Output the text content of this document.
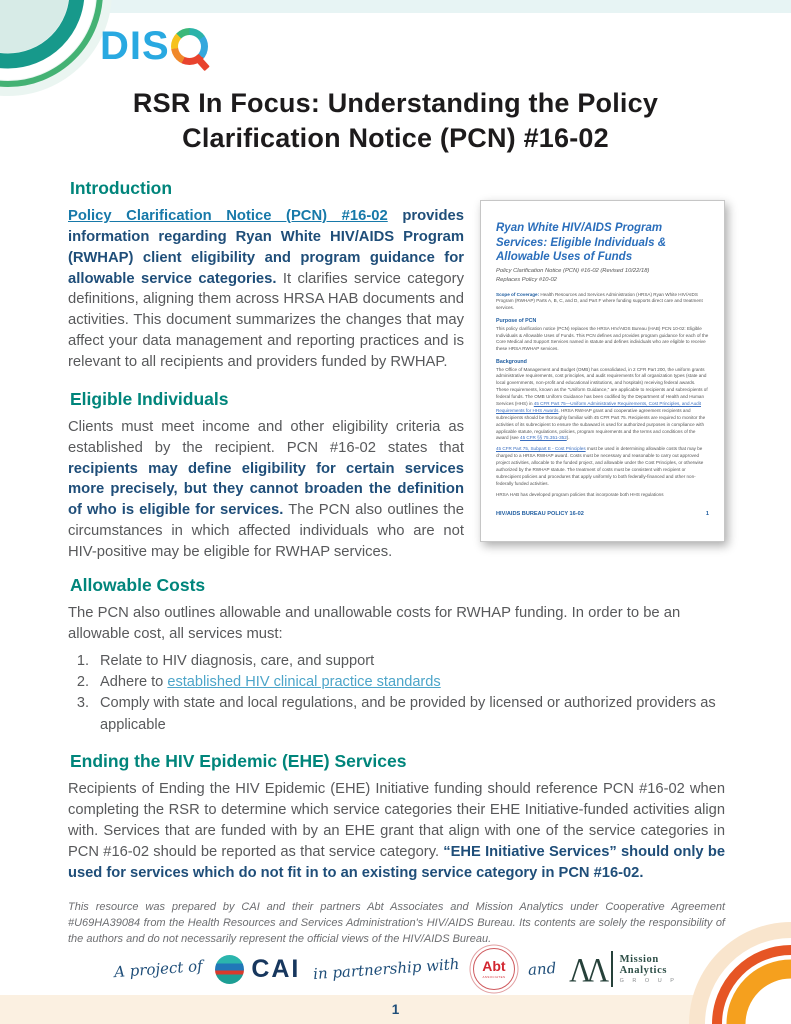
DIS
RSR In Focus: Understanding the Policy
Clarification Notice (PCN) #16-02
Introduction

Policy Clarification Notice (PCN) #16-02 provides information regarding Ryan White HIV/AIDS Program (RWHAP) client eligibility and program guidance for allowable service categories. It clarifies service category definitions, aligning them across HRSA HAB documents and activities. This document summarizes the changes that may affect your data management and reporting practices and is relevant to all recipients and providers funded by RWHAP.

Eligible Individuals

Clients must meet income and other eligibility criteria as established by the recipient. PCN #16-02 states that recipients may define eligibility for certain services more precisely, but they cannot broaden the definition of who is eligible for services. The PCN also outlines the circumstances in which affected individuals who are not HIV-positive may be eligible for RWHAP services.

Ryan White HIV/AIDS Program Services: Eligible Individuals & Allowable Uses of Funds

Policy Clarification Notice (PCN) #16-02 (Revised 10/22/18)
Replaces Policy #10-02

Scope of Coverage: Health Resources and Services Administration (HRSA) Ryan White HIV/AIDS Program (RWHAP) Parts A, B, C, and D, and Part F where funding supports direct care and treatment services.

Purpose of PCN

This policy clarification notice (PCN) replaces the HRSA HIV/AIDS Bureau (HAB) PCN 10-02: Eligible Individuals & Allowable Uses of Funds. This PCN defines and provides program guidance for each of the Core Medical and Support Services named in statute and defines individuals who are eligible to receive these HRSA RWHAP services.

Background

The Office of Management and Budget (OMB) has consolidated, in 2 CFR Part 200, the uniform grants administrative requirements, cost principles, and audit requirements for all organization types (state and local governments, non-profit and educational institutions, and hospitals) receiving federal awards. These requirements, known as the "Uniform Guidance," are applicable to recipients and subrecipients of federal funds. The OMB Uniform Guidance has been codified by the Department of Health and Human Services (HHS) in 45 CFR Part 75—Uniform Administrative Requirements, Cost Principles, and Audit Requirements for HHS Awards. HRSA RWHAP grant and cooperative agreement recipients and subrecipients should be thoroughly familiar with 45 CFR Part 75. Recipients are required to monitor the activities of its subrecipient to ensure the subaward is used for authorized purposes in compliance with applicable statute, regulations, policies, program requirements and the terms and conditions of the award (see 45 CFR §§ 75.351-352).

45 CFR Part 75, Subpart E - Cost Principles must be used in determining allowable costs that may be charged to a HRSA RWHAP award. Costs must be necessary and reasonable to carry out approved project activities, allocable to the funded project, and allowable under the Cost Principles, or otherwise authorized by the RWHAP statute. The treatment of costs must be consistent with recipient or subrecipient policies and procedures that apply uniformly to both federally-financed and other non-federally funded activities.

HRSA HAB has developed program policies that incorporate both HHS regulations

HIV/AIDS BUREAU POLICY 16-02	1
Allowable Costs

The PCN also outlines allowable and unallowable costs for RWHAP funding. In order to be an allowable cost, all services must:

1. Relate to HIV diagnosis, care, and support
2. Adhere to established HIV clinical practice standards
3. Comply with state and local regulations, and be provided by licensed or authorized providers as applicable
Ending the HIV Epidemic (EHE) Services

Recipients of Ending the HIV Epidemic (EHE) Initiative funding should reference PCN #16-02 when completing the RSR to determine which service categories their EHE Initiative-funded activities align with. Services that are funded with by an EHE grant that align with one of the service categories in PCN #16-02 should be reported as that service category. “EHE Initiative Services” should only be used for services which do not fit in to an existing service category in PCN #16-02.

This resource was prepared by CAI and their partners Abt Associates and Mission Analytics under Cooperative Agreement #U69HA39084 from the Health Resources and Services Administration's HIV/AIDS Bureau. Its contents are solely the responsibility of the authors and do not necessarily represent the official views of the HIV/AIDS Bureau.

A project of CAI in partnership with Abt
ASSOCIATES and ΛΛ Mission
Analytics
G R O U P
1
